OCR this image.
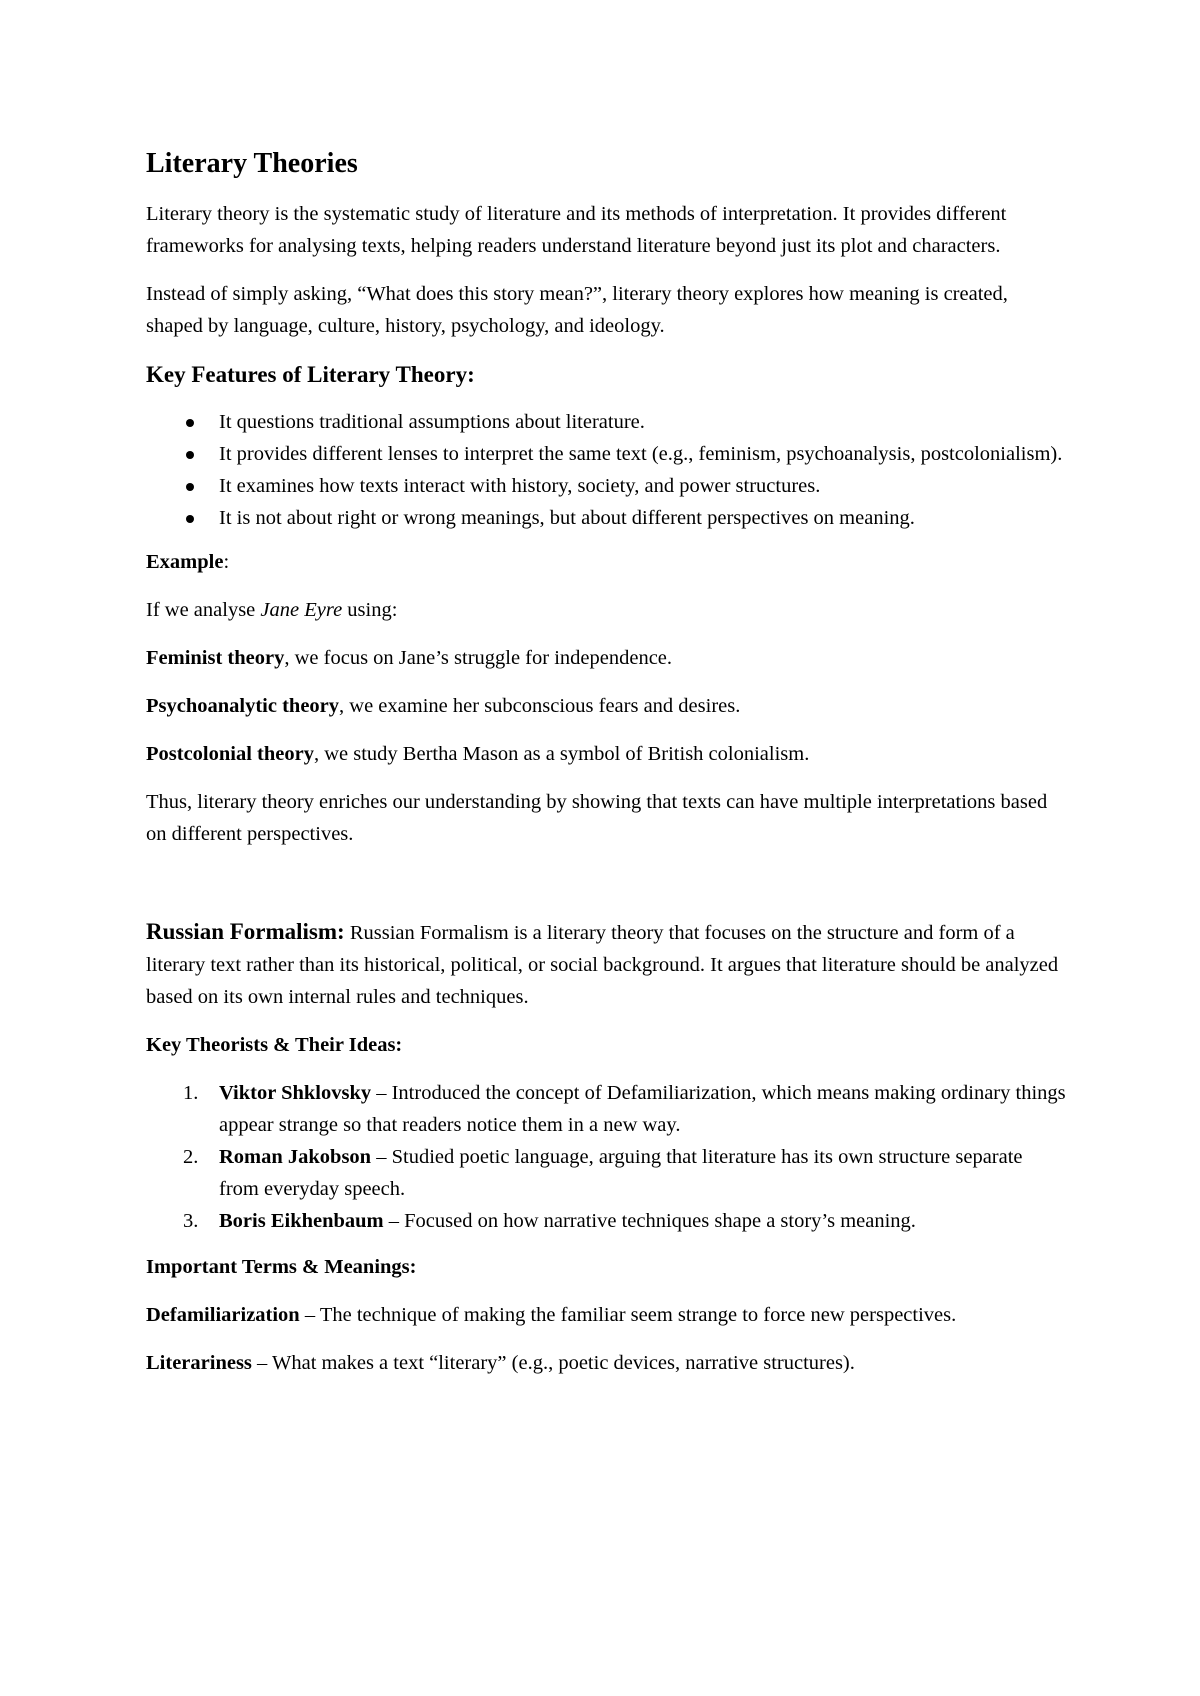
Literary Theories

Literary theory is the systematic study of literature and its methods of interpretation. It provides different frameworks for analysing texts, helping readers understand literature beyond just its plot and characters.

Instead of simply asking, “What does this story mean?”, literary theory explores how meaning is created, shaped by language, culture, history, psychology, and ideology.

Key Features of Literary Theory:
It questions traditional assumptions about literature.
It provides different lenses to interpret the same text (e.g., feminism, psychoanalysis, postcolonialism).
It examines how texts interact with history, society, and power structures.
It is not about right or wrong meanings, but about different perspectives on meaning.

Example:

If we analyse Jane Eyre using:

Feminist theory, we focus on Jane’s struggle for independence.

Psychoanalytic theory, we examine her subconscious fears and desires.

Postcolonial theory, we study Bertha Mason as a symbol of British colonialism.

Thus, literary theory enriches our understanding by showing that texts can have multiple interpretations based on different perspectives.

Russian Formalism: Russian Formalism is a literary theory that focuses on the structure and form of a literary text rather than its historical, political, or social background. It argues that literature should be analyzed based on its own internal rules and techniques.

Key Theorists & Their Ideas:

1. Viktor Shklovsky – Introduced the concept of Defamiliarization, which means making ordinary things appear strange so that readers notice them in a new way.
2. Roman Jakobson – Studied poetic language, arguing that literature has its own structure separate from everyday speech.
3. Boris Eikhenbaum – Focused on how narrative techniques shape a story’s meaning.

Important Terms & Meanings:

Defamiliarization – The technique of making the familiar seem strange to force new perspectives.

Literariness – What makes a text “literary” (e.g., poetic devices, narrative structures).
